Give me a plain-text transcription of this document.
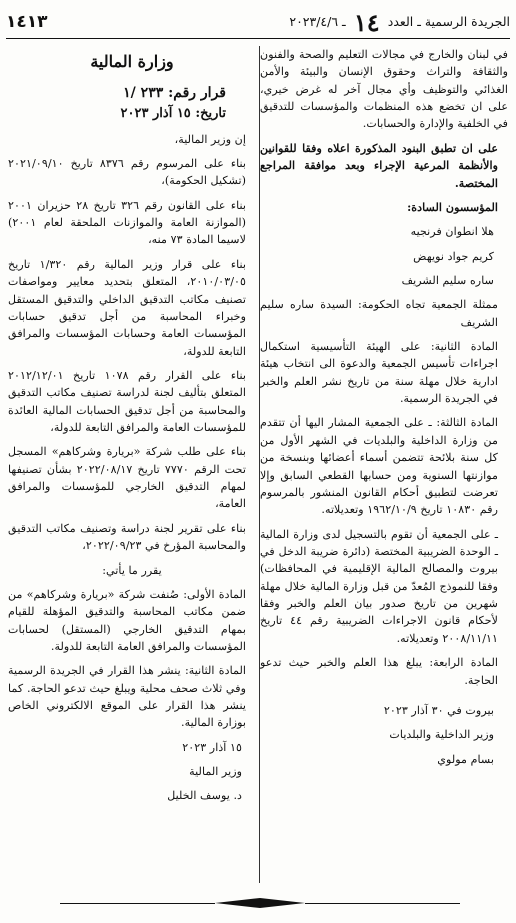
الجريدة الرسمية ـ العدد ١٤ ـ ٢٠٢٣/٤/٦
١٤١٣

في لبنان والخارج في مجالات التعليم والصحة والفنون والثقافة والتراث وحقوق الإنسان والبيئة والأمن الغذائي والتوظيف وأي مجال آخر له غرض خيري، على ان تخضع هذه المنظمات والمؤسسات للتدقيق في الخلفية والإدارة والحسابات.

على ان تطبق البنود المذكورة اعلاه وفقا للقوانين والأنظمة المرعية الإجراء وبعد موافقة المراجع المختصة.

المؤسسون السادة:

هلا انطوان فرنجيه

كريم جواد نويهض

ساره سليم الشريف

ممثلة الجمعية تجاه الحكومة: السيدة ساره سليم الشريف

المادة الثانية: على الهيئة التأسيسية استكمال اجراءات تأسيس الجمعية والدعوة الى انتخاب هيئة ادارية خلال مهلة سنة من تاريخ نشر العلم والخبر في الجريدة الرسمية.

المادة الثالثة: ـ على الجمعية المشار اليها أن تتقدم من وزارة الداخلية والبلديات في الشهر الأول من كل سنة بلائحة تتضمن أسماء أعضائها وبنسخة من موازنتها السنوية ومن حسابها القطعي السابق وإلا تعرضت لتطبيق أحكام القانون المنشور بالمرسوم رقم ١٠٨٣٠ تاريخ ١٩٦٢/١٠/٩ وتعديلاته.

ـ على الجمعية أن تقوم بالتسجيل لدى وزارة المالية ـ الوحدة الضريبية المختصة (دائرة ضريبة الدخل في بيروت والمصالح المالية الإقليمية في المحافظات) وفقا للنموذج المُعدّ من قبل وزارة المالية خلال مهلة شهرين من تاريخ صدور بيان العلم والخبر وفقا لأحكام قانون الاجراءات الضريبية رقم ٤٤ تاريخ ٢٠٠٨/١١/١١ وتعديلاته.

المادة الرابعة: يبلغ هذا العلم والخبر حيث تدعو الحاجة.

بيروت في ٣٠ آذار ٢٠٢٣

وزير الداخلية والبلديات

بسام مولوي

وزارة المالية
قرار رقم: ٢٣٣ /١
تاريخ: ١٥ آذار ٢٠٢٣

إن وزير المالية،

بناء على المرسوم رقم ٨٣٧٦ تاريخ ٢٠٢١/٠٩/١٠ (تشكيل الحكومة)،

بناء على القانون رقم ٣٢٦ تاريخ ٢٨ حزيران ٢٠٠١ (الموازنة العامة والموازنات الملحقة لعام ٢٠٠١) لاسيما المادة ٧٣ منه،

بناء على قرار وزير المالية رقم ١/٣٢٠ تاريخ ٢٠١٠/٠٣/٠٥، المتعلق بتحديد معايير ومواصفات تصنيف مكاتب التدقيق الداخلي والتدقيق المستقل وخبراء المحاسبة من أجل تدقيق حسابات المؤسسات العامة وحسابات المؤسسات والمرافق التابعة للدولة،

بناء على القرار رقم ١٠٧٨ تاريخ ٢٠١٢/١٢/٠١ المتعلق بتأليف لجنة لدراسة تصنيف مكاتب التدقيق والمحاسبة من أجل تدقيق الحسابات المالية العائدة للمؤسسات العامة والمرافق التابعة للدولة،

بناء على طلب شركة «بريارة وشركاهم» المسجل تحت الرقم ٧٧٧٠ تاريخ ٢٠٢٢/٠٨/١٧ بشأن تصنيفها لمهام التدقيق الخارجي للمؤسسات والمرافق العامة،

بناء على تقرير لجنة دراسة وتصنيف مكاتب التدقيق والمحاسبة المؤرخ في ٢٠٢٢/٠٩/٢٣،

يقرر ما يأتي:

المادة الأولى: صُنفت شركة «بريارة وشركاهم» من ضمن مكاتب المحاسبة والتدقيق المؤهلة للقيام بمهام التدقيق الخارجي (المستقل) لحسابات المؤسسات والمرافق العامة التابعة للدولة.

المادة الثانية: ينشر هذا القرار في الجريدة الرسمية وفي ثلاث صحف محلية ويبلغ حيث تدعو الحاجة. كما ينشر هذا القرار على الموقع الالكتروني الخاص بوزارة المالية.

١٥ آذار ٢٠٢٣

وزير المالية

د. يوسف الخليل
